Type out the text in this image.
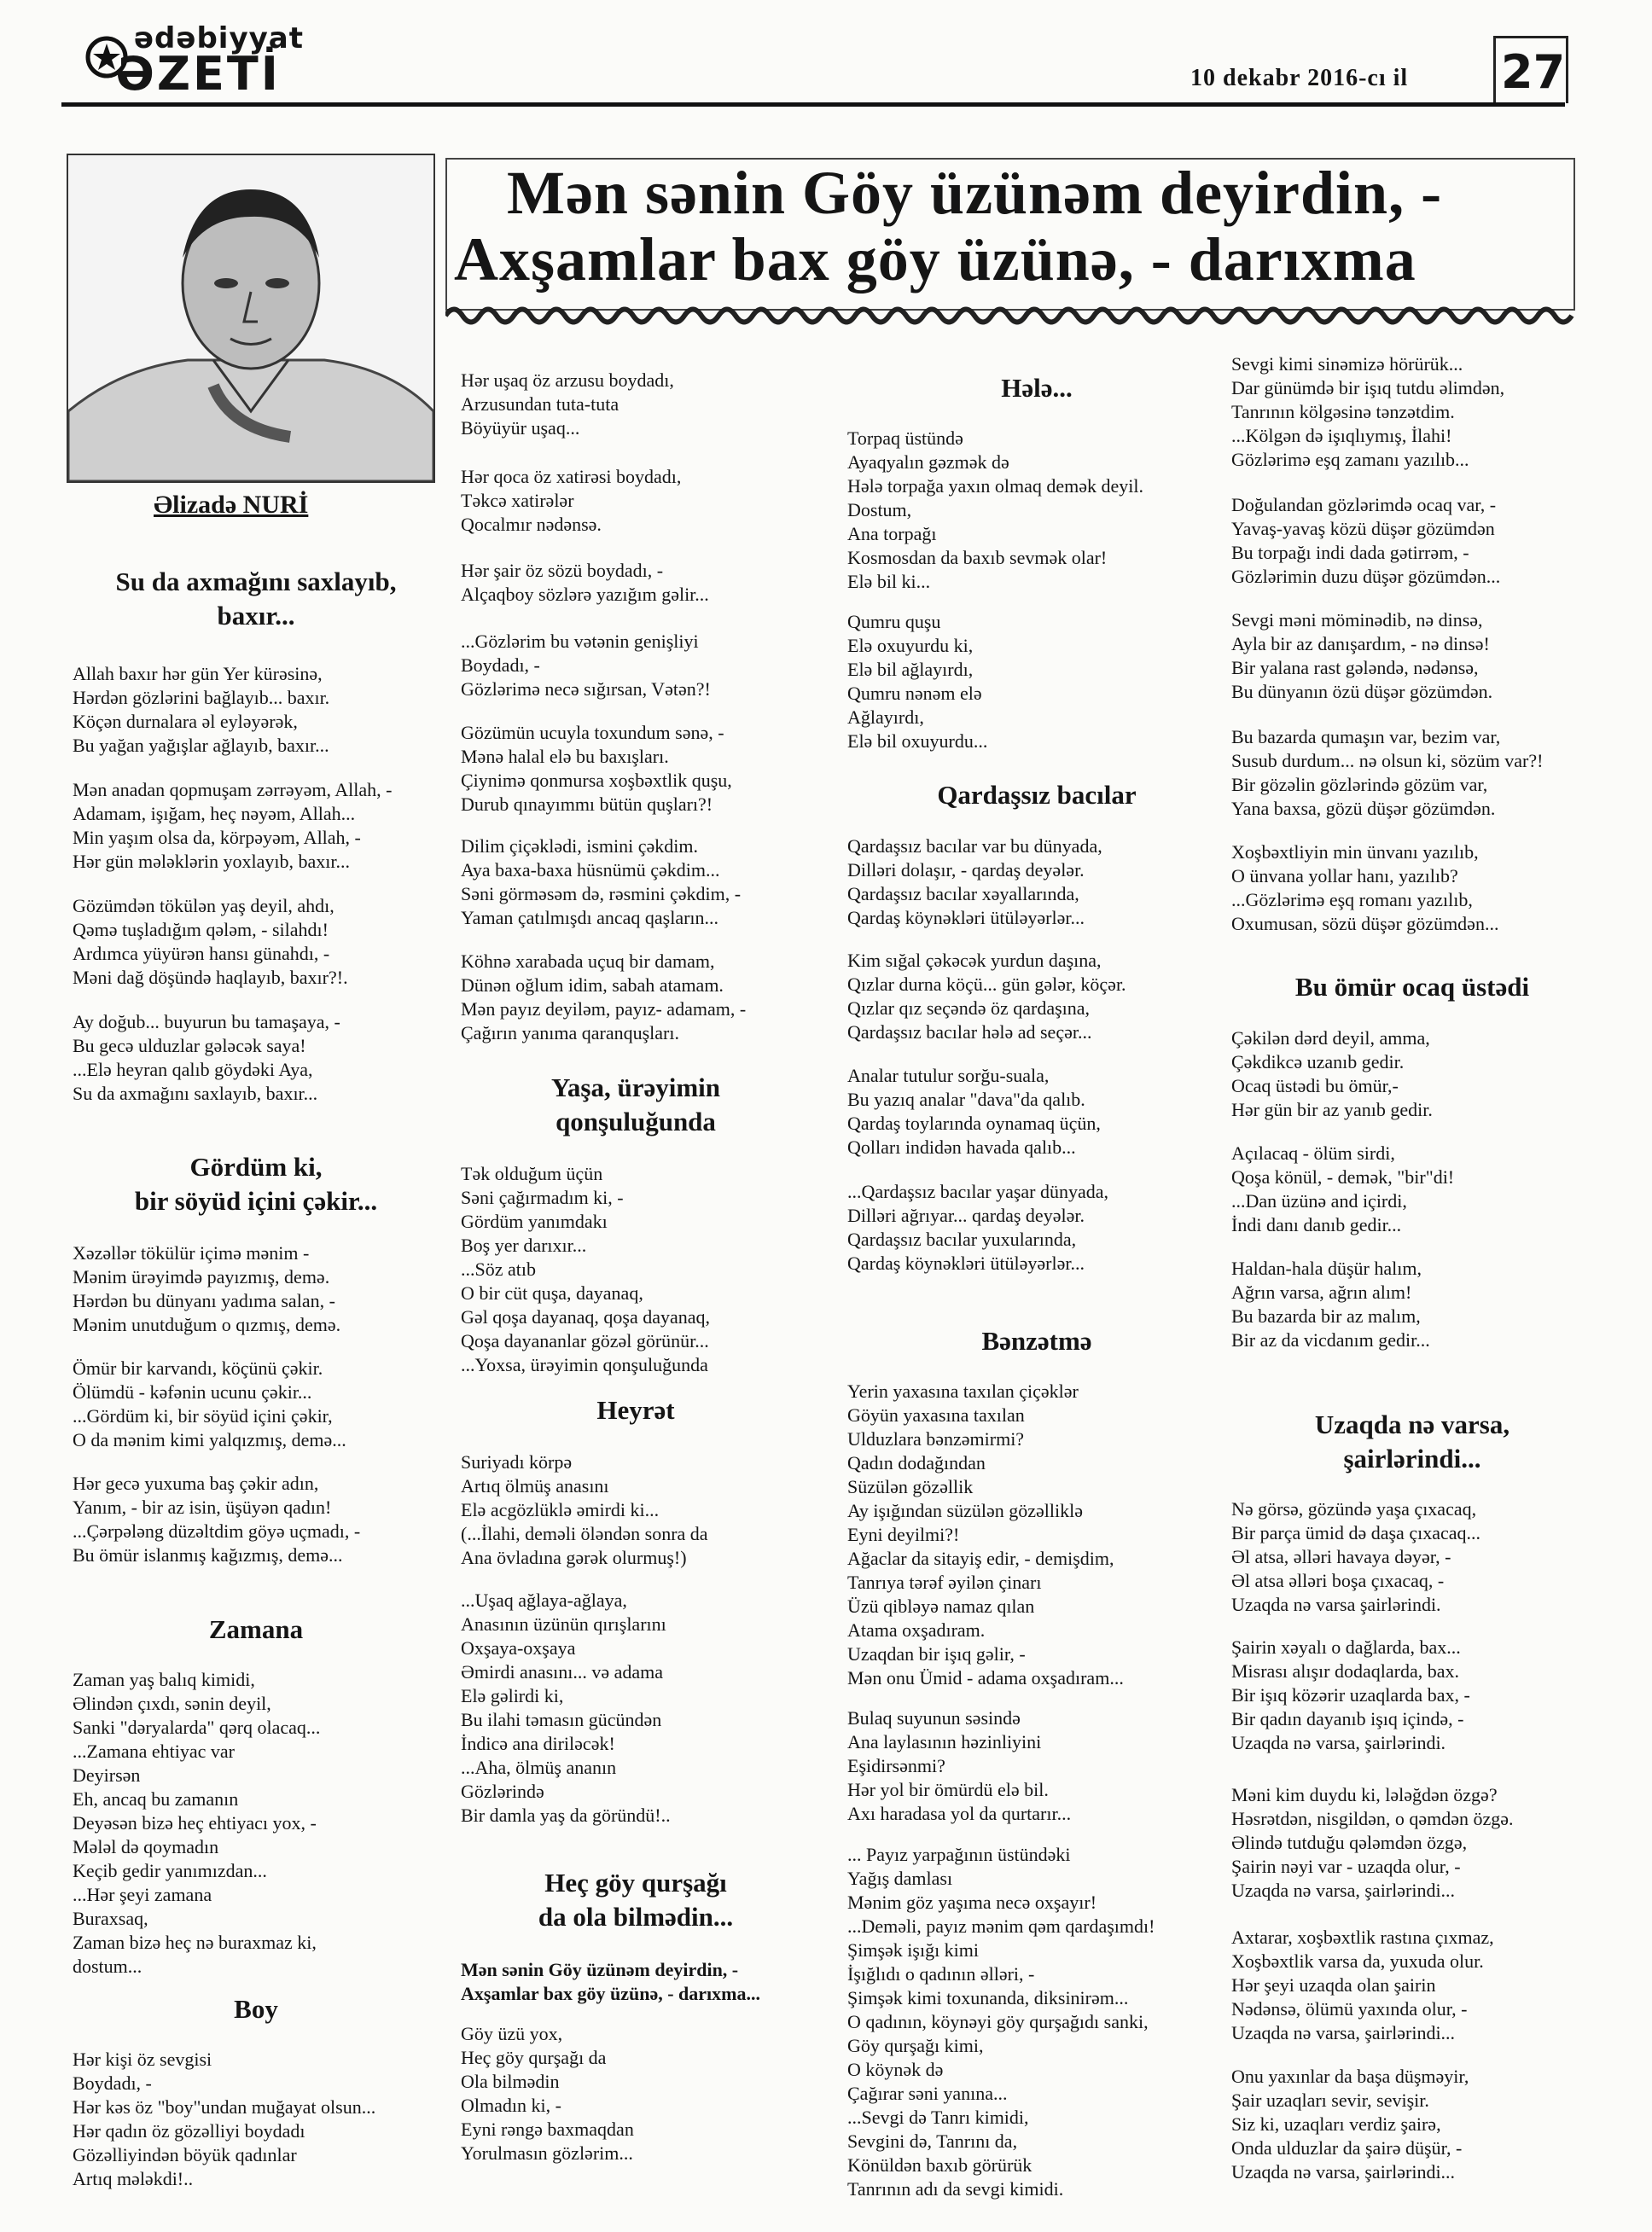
ədəbiyyat
ƏZETİ	10 dekabr 2016-cı il 27
Əlizadə NURİ
Mən sənin Göy üzünəm deyirdin, -
Axşamlar bax göy üzünə, - darıxma
Su da axmağını saxlayıb,
baxır...
Allah baxır hər gün Yer kürəsinə,
Hərdən gözlərini bağlayıb... baxır.
Köçən durnalara əl eyləyərək,
Bu yağan yağışlar ağlayıb, baxır...
Mən anadan qopmuşam zərrəyəm, Allah, -
Adamam, işığam, heç nəyəm, Allah...
Min yaşım olsa da, körpəyəm, Allah, -
Hər gün mələklərin yoxlayıb, baxır...
Gözümdən tökülən yaş deyil, ahdı,
Qəmə tuşladığım qələm, - silahdı!
Ardımca yüyürən hansı günahdı, -
Məni dağ döşündə haqlayıb, baxır?!.
Ay doğub... buyurun bu tamaşaya, -
Bu gecə ulduzlar gələcək saya!
...Elə heyran qalıb göydəki Aya,
Su da axmağını saxlayıb, baxır...
Gördüm ki,
bir söyüd içini çəkir...
Xəzəllər tökülür içimə mənim -
Mənim ürəyimdə payızmış, demə.
Hərdən bu dünyanı yadıma salan, -
Mənim unutduğum o qızmış, demə.
Ömür bir karvandı, köçünü çəkir.
Ölümdü - kəfənin ucunu çəkir...
...Gördüm ki, bir söyüd içini çəkir,
O da mənim kimi yalqızmış, demə...
Hər gecə yuxuma baş çəkir adın,
Yanım, - bir az isin, üşüyən qadın!
...Çərpələng düzəltdim göyə uçmadı, -
Bu ömür islanmış kağızmış, demə...
Zamana
Zaman yaş balıq kimidi,
Əlindən çıxdı, sənin deyil,
Sanki "dəryalarda" qərq olacaq...
...Zamana ehtiyac var
Deyirsən
Eh, ancaq bu zamanın
Deyəsən bizə heç ehtiyacı yox, -
Mələl də qoymadın
Keçib gedir yanımızdan...
...Hər şeyi zamana
Buraxsaq,
Zaman bizə heç nə buraxmaz ki,
dostum...
Boy
Hər kişi öz sevgisi
Boydadı, -
Hər kəs öz "boy"undan muğayat olsun...
Hər qadın öz gözəlliyi boydadı
Gözəlliyindən böyük qadınlar
Artıq mələkdi!..
Hər uşaq öz arzusu boydadı,
Arzusundan tuta-tuta
Böyüyür uşaq...
Hər qoca öz xatirəsi boydadı,
Təkcə xatirələr
Qocalmır nədənsə.
Hər şair öz sözü boydadı, -
Alçaqboy sözlərə yazığım gəlir...
...Gözlərim bu vətənin genişliyi
Boydadı, -
Gözlərimə necə sığırsan, Vətən?!
Gözümün ucuyla toxundum sənə, -
Mənə halal elə bu baxışları.
Çiynimə qonmursa xoşbəxtlik quşu,
Durub qınayımmı bütün quşları?!
Dilim çiçəklədi, ismini çəkdim.
Aya baxa-baxa hüsnümü çəkdim...
Səni görməsəm də, rəsmini çəkdim, -
Yaman çatılmışdı ancaq qaşların...
Köhnə xarabada uçuq bir damam,
Dünən oğlum idim, sabah atamam.
Mən payız deyiləm, payız- adamam, -
Çağırın yanıma qaranquşları.
Yaşa, ürəyimin
qonşuluğunda
Tək olduğum üçün
Səni çağırmadım ki, -
Gördüm yanımdakı
Boş yer darıxır...
...Söz atıb
O bir cüt quşa, dayanaq,
Gəl qoşa dayanaq, qoşa dayanaq,
Qoşa dayananlar gözəl görünür...
...Yoxsa, ürəyimin qonşuluğunda
Heyrət
Suriyadı körpə
Artıq ölmüş anasını
Elə acgözlüklə əmirdi ki...
(...İlahi, deməli öləndən sonra da
Ana övladına gərək olurmuş!)
...Uşaq ağlaya-ağlaya,
Anasının üzünün qırışlarını
Oxşaya-oxşaya
Əmirdi anasını... və adama
Elə gəlirdi ki,
Bu ilahi təmasın gücündən
İndicə ana diriləcək!
...Aha, ölmüş ananın
Gözlərində
Bir damla yaş da göründü!..
Heç göy qurşağı
da ola bilmədin...
Mən sənin Göy üzünəm deyirdin, -
Axşamlar bax göy üzünə, - darıxma...
Göy üzü yox,
Heç göy qurşağı da
Ola bilmədin
Olmadın ki, -
Eyni rəngə baxmaqdan
Yorulmasın gözlərim...
Hələ...
Torpaq üstündə
Ayaqyalın gəzmək də
Hələ torpağa yaxın olmaq demək deyil.
Dostum,
Ana torpağı
Kosmosdan da baxıb sevmək olar!
Elə bil ki...
Qumru quşu
Elə oxuyurdu ki,
Elə bil ağlayırdı,
Qumru nənəm elə
Ağlayırdı,
Elə bil oxuyurdu...
Qardaşsız bacılar
Qardaşsız bacılar var bu dünyada,
Dilləri dolaşır, - qardaş deyələr.
Qardaşsız bacılar xəyallarında,
Qardaş köynəkləri ütüləyərlər...
Kim sığal çəkəcək yurdun daşına,
Qızlar durna köçü... gün gələr, köçər.
Qızlar qız seçəndə öz qardaşına,
Qardaşsız bacılar hələ ad seçər...
Analar tutulur sorğu-suala,
Bu yazıq analar "dava"da qalıb.
Qardaş toylarında oynamaq üçün,
Qolları indidən havada qalıb...
...Qardaşsız bacılar yaşar dünyada,
Dilləri ağrıyar... qardaş deyələr.
Qardaşsız bacılar yuxularında,
Qardaş köynəkləri ütüləyərlər...
Bənzətmə
Yerin yaxasına taxılan çiçəklər
Göyün yaxasına taxılan
Ulduzlara bənzəmirmi?
Qadın dodağından
Süzülən gözəllik
Ay işığından süzülən gözəlliklə
Eyni deyilmi?!
Ağaclar da sitayiş edir, - demişdim,
Tanrıya tərəf əyilən çinarı
Üzü qibləyə namaz qılan
Atama oxşadıram.
Uzaqdan bir işıq gəlir, -
Mən onu Ümid - adama oxşadıram...
Bulaq suyunun səsində
Ana laylasının həzinliyini
Eşidirsənmi?
Hər yol bir ömürdü elə bil.
Axı haradasa yol da qurtarır...
... Payız yarpağının üstündəki
Yağış damlası
Mənim göz yaşıma necə oxşayır!
...Deməli, payız mənim qəm qardaşımdı!
Şimşək işığı kimi
İşığlıdı o qadının əlləri, -
Şimşək kimi toxunanda, diksinirəm...
O qadının, köynəyi göy qurşağıdı sanki,
Göy qurşağı kimi,
O köynək də
Çağırar səni yanına...
...Sevgi də Tanrı kimidi,
Sevgini də, Tanrını da,
Könüldən baxıb görürük
Tanrının adı da sevgi kimidi.
Sevgi kimi sinəmizə hörürük...
Dar günümdə bir işıq tutdu əlimdən,
Tanrının kölgəsinə tənzətdim.
...Kölgən də işıqlıymış, İlahi!
Gözlərimə eşq zamanı yazılıb...
Doğulandan gözlərimdə ocaq var, -
Yavaş-yavaş közü düşər gözümdən
Bu torpağı indi dada gətirrəm, -
Gözlərimin duzu düşər gözümdən...
Sevgi məni möminədib, nə dinsə,
Ayla bir az danışardım, - nə dinsə!
Bir yalana rast gələndə, nədənsə,
Bu dünyanın özü düşər gözümdən.
Bu bazarda qumaşın var, bezim var,
Susub durdum... nə olsun ki, sözüm var?!
Bir gözəlin gözlərində gözüm var,
Yana baxsa, gözü düşər gözümdən.
Xoşbəxtliyin min ünvanı yazılıb,
O ünvana yollar hanı, yazılıb?
...Gözlərimə eşq romanı yazılıb,
Oxumusan, sözü düşər gözümdən...
Bu ömür ocaq üstədi
Çəkilən dərd deyil, amma,
Çəkdikcə uzanıb gedir.
Ocaq üstədi bu ömür,-
Hər gün bir az yanıb gedir.
Açılacaq - ölüm sirdi,
Qoşa könül, - demək, "bir"di!
...Dan üzünə and içirdi,
İndi danı danıb gedir...
Haldan-hala düşür halım,
Ağrın varsa, ağrın alım!
Bu bazarda bir az malım,
Bir az da vicdanım gedir...
Uzaqda nə varsa,
şairlərindi...
Nə görsə, gözündə yaşa çıxacaq,
Bir parça ümid də daşa çıxacaq...
Əl atsa, əlləri havaya dəyər, -
Əl atsa əlləri boşa çıxacaq, -
Uzaqda nə varsa şairlərindi.
Şairin xəyalı o dağlarda, bax...
Misrası alışır dodaqlarda, bax.
Bir işıq közərir uzaqlarda bax, -
Bir qadın dayanıb işıq içində, -
Uzaqda nə varsa, şairlərindi.
Məni kim duydu ki, lələğdən özgə?
Həsrətdən, nisgildən, o qəmdən özgə.
Əlində tutduğu qələmdən özgə,
Şairin nəyi var - uzaqda olur, -
Uzaqda nə varsa, şairlərindi...
Axtarar, xoşbəxtlik rastına çıxmaz,
Xoşbəxtlik varsa da, yuxuda olur.
Hər şeyi uzaqda olan şairin
Nədənsə, ölümü yaxında olur, -
Uzaqda nə varsa, şairlərindi...
Onu yaxınlar da başa düşməyir,
Şair uzaqları sevir, sevişir.
Siz ki, uzaqları verdiz şairə,
Onda ulduzlar da şairə düşür, -
Uzaqda nə varsa, şairlərindi...
